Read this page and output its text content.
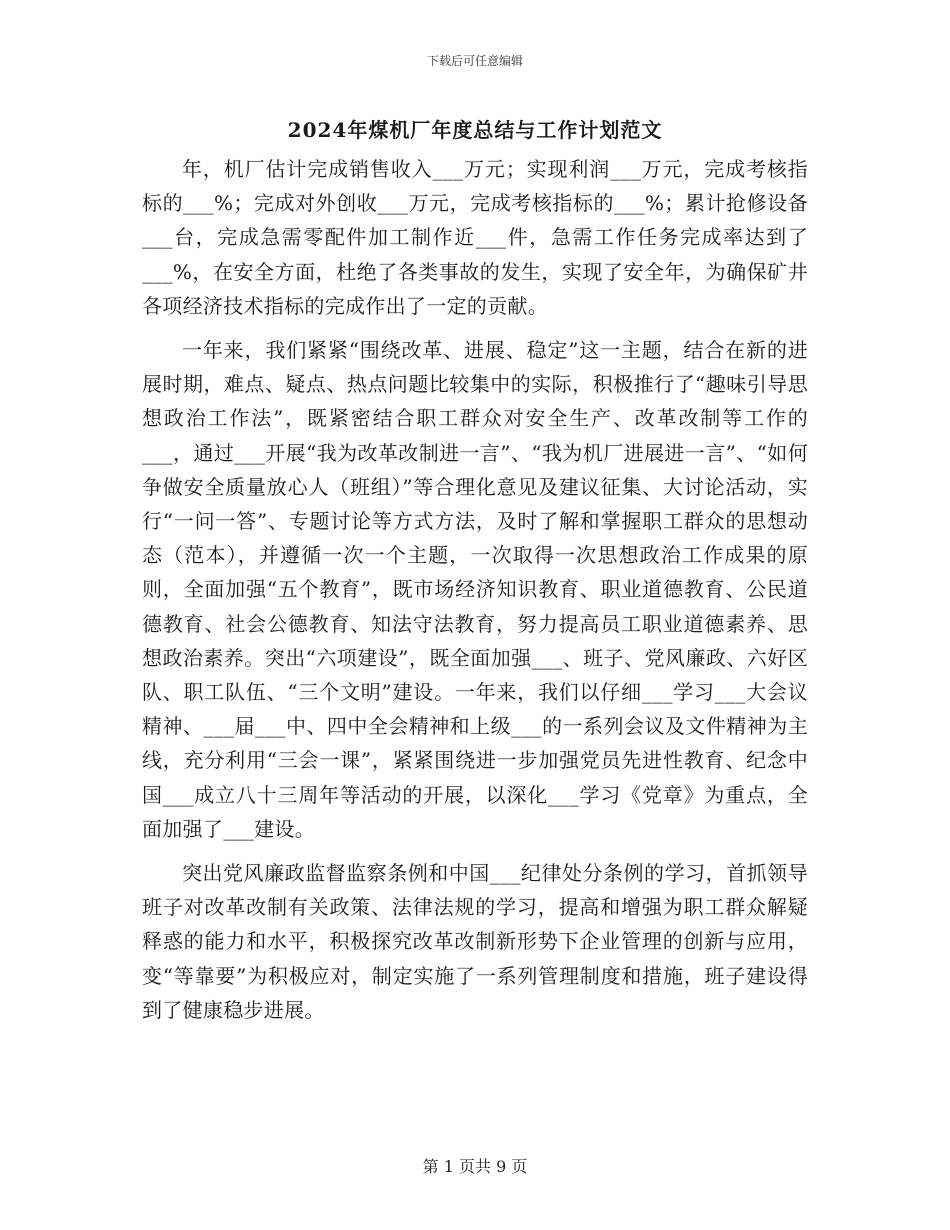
下载后可任意编辑
2024年煤机厂年度总结与工作计划范文

年，机厂估计完成销售收入___万元；实现利润___万元，完成考核指标的___%；完成对外创收___万元，完成考核指标的___%；累计抢修设备___台，完成急需零配件加工制作近___件，急需工作任务完成率达到了___%，在安全方面，杜绝了各类事故的发生，实现了安全年，为确保矿井各项经济技术指标的完成作出了一定的贡献。

一年来，我们紧紧“围绕改革、进展、稳定”这一主题，结合在新的进展时期，难点、疑点、热点问题比较集中的实际，积极推行了“趣味引导思想政治工作法”，既紧密结合职工群众对安全生产、改革改制等工作的___，通过___开展“我为改革改制进一言”、“我为机厂进展进一言”、“如何争做安全质量放心人（班组）”等合理化意见及建议征集、大讨论活动，实行“一问一答”、专题讨论等方式方法，及时了解和掌握职工群众的思想动态（范本），并遵循一次一个主题，一次取得一次思想政治工作成果的原则，全面加强“五个教育”，既市场经济知识教育、职业道德教育、公民道德教育、社会公德教育、知法守法教育，努力提高员工职业道德素养、思想政治素养。突出“六项建设”，既全面加强___、班子、党风廉政、六好区队、职工队伍、“三个文明”建设。一年来，我们以仔细___学习___大会议精神、___届___中、四中全会精神和上级___的一系列会议及文件精神为主线，充分利用“三会一课”，紧紧围绕进一步加强党员先进性教育、纪念中国___成立八十三周年等活动的开展，以深化___学习《党章》为重点，全面加强了___建设。

突出党风廉政监督监察条例和中国___纪律处分条例的学习，首抓领导班子对改革改制有关政策、法律法规的学习，提高和增强为职工群众解疑释惑的能力和水平，积极探究改革改制新形势下企业管理的创新与应用，变“等靠要”为积极应对，制定实施了一系列管理制度和措施，班子建设得到了健康稳步进展。

第 1 页共 9 页
